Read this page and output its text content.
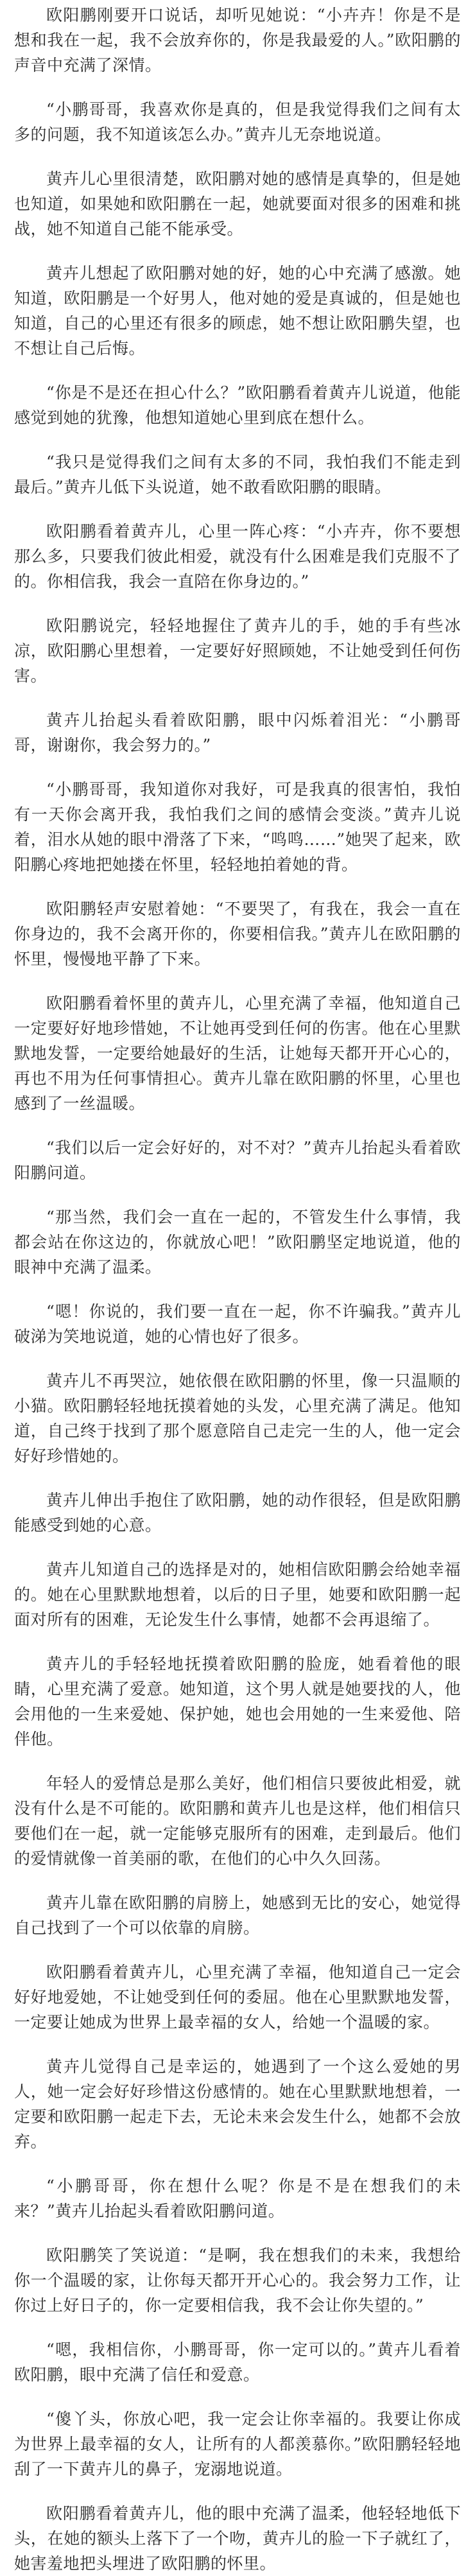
欧阳鹏刚要开口说话，却听见她说：“小卉卉！你是不是想和我在一起，我不会放弃你的，你是我最爱的人。”欧阳鹏的声音中充满了深情。

“小鹏哥哥，我喜欢你是真的，但是我觉得我们之间有太多的问题，我不知道该怎么办。”黄卉儿无奈地说道。

黄卉儿心里很清楚，欧阳鹏对她的感情是真挚的，但是她也知道，如果她和欧阳鹏在一起，她就要面对很多的困难和挑战，她不知道自己能不能承受。

黄卉儿想起了欧阳鹏对她的好，她的心中充满了感激。她知道，欧阳鹏是一个好男人，他对她的爱是真诚的，但是她也知道，自己的心里还有很多的顾虑，她不想让欧阳鹏失望，也不想让自己后悔。

“你是不是还在担心什么？”欧阳鹏看着黄卉儿说道，他能感觉到她的犹豫，他想知道她心里到底在想什么。

“我只是觉得我们之间有太多的不同，我怕我们不能走到最后。”黄卉儿低下头说道，她不敢看欧阳鹏的眼睛。

欧阳鹏看着黄卉儿，心里一阵心疼：“小卉卉，你不要想那么多，只要我们彼此相爱，就没有什么困难是我们克服不了的。你相信我，我会一直陪在你身边的。”

欧阳鹏说完，轻轻地握住了黄卉儿的手，她的手有些冰凉，欧阳鹏心里想着，一定要好好照顾她，不让她受到任何伤害。

黄卉儿抬起头看着欧阳鹏，眼中闪烁着泪光：“小鹏哥哥，谢谢你，我会努力的。”

“小鹏哥哥，我知道你对我好，可是我真的很害怕，我怕有一天你会离开我，我怕我们之间的感情会变淡。”黄卉儿说着，泪水从她的眼中滑落了下来，“鸣鸣……”她哭了起来，欧阳鹏心疼地把她搂在怀里，轻轻地拍着她的背。

欧阳鹏轻声安慰着她：“不要哭了，有我在，我会一直在你身边的，我不会离开你的，你要相信我。”黄卉儿在欧阳鹏的怀里，慢慢地平静了下来。

欧阳鹏看着怀里的黄卉儿，心里充满了幸福，他知道自己一定要好好地珍惜她，不让她再受到任何的伤害。他在心里默默地发誓，一定要给她最好的生活，让她每天都开开心心的，再也不用为任何事情担心。黄卉儿靠在欧阳鹏的怀里，心里也感到了一丝温暖。

“我们以后一定会好好的，对不对？”黄卉儿抬起头看着欧阳鹏问道。

“那当然，我们会一直在一起的，不管发生什么事情，我都会站在你这边的，你就放心吧！”欧阳鹏坚定地说道，他的眼神中充满了温柔。

“嗯！你说的，我们要一直在一起，你不许骗我。”黄卉儿破涕为笑地说道，她的心情也好了很多。

黄卉儿不再哭泣，她依偎在欧阳鹏的怀里，像一只温顺的小猫。欧阳鹏轻轻地抚摸着她的头发，心里充满了满足。他知道，自己终于找到了那个愿意陪自己走完一生的人，他一定会好好珍惜她的。

黄卉儿伸出手抱住了欧阳鹏，她的动作很轻，但是欧阳鹏能感受到她的心意。

黄卉儿知道自己的选择是对的，她相信欧阳鹏会给她幸福的。她在心里默默地想着，以后的日子里，她要和欧阳鹏一起面对所有的困难，无论发生什么事情，她都不会再退缩了。

黄卉儿的手轻轻地抚摸着欧阳鹏的脸庞，她看着他的眼睛，心里充满了爱意。她知道，这个男人就是她要找的人，他会用他的一生来爱她、保护她，她也会用她的一生来爱他、陪伴他。

年轻人的爱情总是那么美好，他们相信只要彼此相爱，就没有什么是不可能的。欧阳鹏和黄卉儿也是这样，他们相信只要他们在一起，就一定能够克服所有的困难，走到最后。他们的爱情就像一首美丽的歌，在他们的心中久久回荡。

黄卉儿靠在欧阳鹏的肩膀上，她感到无比的安心，她觉得自己找到了一个可以依靠的肩膀。

欧阳鹏看着黄卉儿，心里充满了幸福，他知道自己一定会好好地爱她，不让她受到任何的委屈。他在心里默默地发誓，一定要让她成为世界上最幸福的女人，给她一个温暖的家。

黄卉儿觉得自己是幸运的，她遇到了一个这么爱她的男人，她一定会好好珍惜这份感情的。她在心里默默地想着，一定要和欧阳鹏一起走下去，无论未来会发生什么，她都不会放弃。

“小鹏哥哥，你在想什么呢？你是不是在想我们的未来？”黄卉儿抬起头看着欧阳鹏问道。

欧阳鹏笑了笑说道：“是啊，我在想我们的未来，我想给你一个温暖的家，让你每天都开开心心的。我会努力工作，让你过上好日子的，你一定要相信我，我不会让你失望的。”

“嗯，我相信你，小鹏哥哥，你一定可以的。”黄卉儿看着欧阳鹏，眼中充满了信任和爱意。

“傻丫头，你放心吧，我一定会让你幸福的。我要让你成为世界上最幸福的女人，让所有的人都羡慕你。”欧阳鹏轻轻地刮了一下黄卉儿的鼻子，宠溺地说道。

欧阳鹏看着黄卉儿，他的眼中充满了温柔，他轻轻地低下头，在她的额头上落下了一个吻，黄卉儿的脸一下子就红了，她害羞地把头埋进了欧阳鹏的怀里。
